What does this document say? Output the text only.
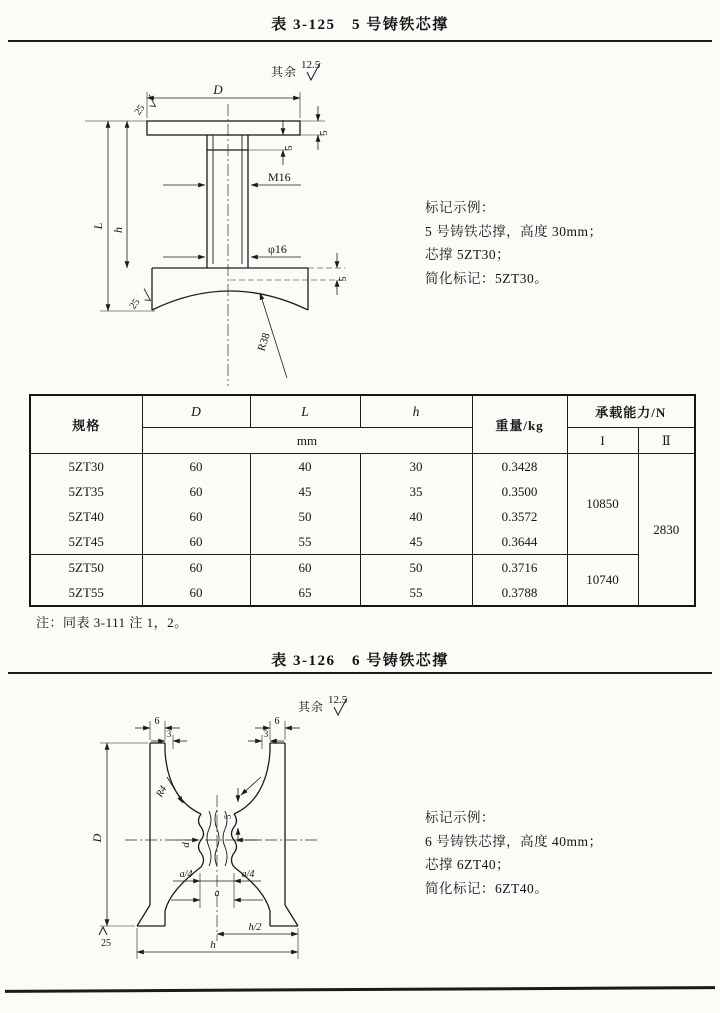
表 3-125　5 号铸铁芯撑
D
L
h
5
5
5
M16
φ16
R38
25
25
其余 12.5
标记示例：
5 号铸铁芯撑，高度 30mm；
芯撑 5ZT30；
简化标记：5ZT30。
规格	D	L	h	重量/kg	承载能力/N	
	mm				I	Ⅱ
5ZT30	60	40	30	0.3428	10850	2830
5ZT35	60	45	35	0.3500		
5ZT40	60	50	40	0.3572		
5ZT45	60	55	45	0.3644		
5ZT50	60	60	50	0.3716	10740	
5ZT55	60	65	55	0.3788		
注：同表 3-111 注 1，2。
表 3-126　6 号铸铁芯撑
6
3
6
3
R4
D
d
5
a/4	a/4
a
h/2
h
25
其余 12.5
标记示例：
6 号铸铁芯撑，高度 40mm；
芯撑 6ZT40；
简化标记：6ZT40。
